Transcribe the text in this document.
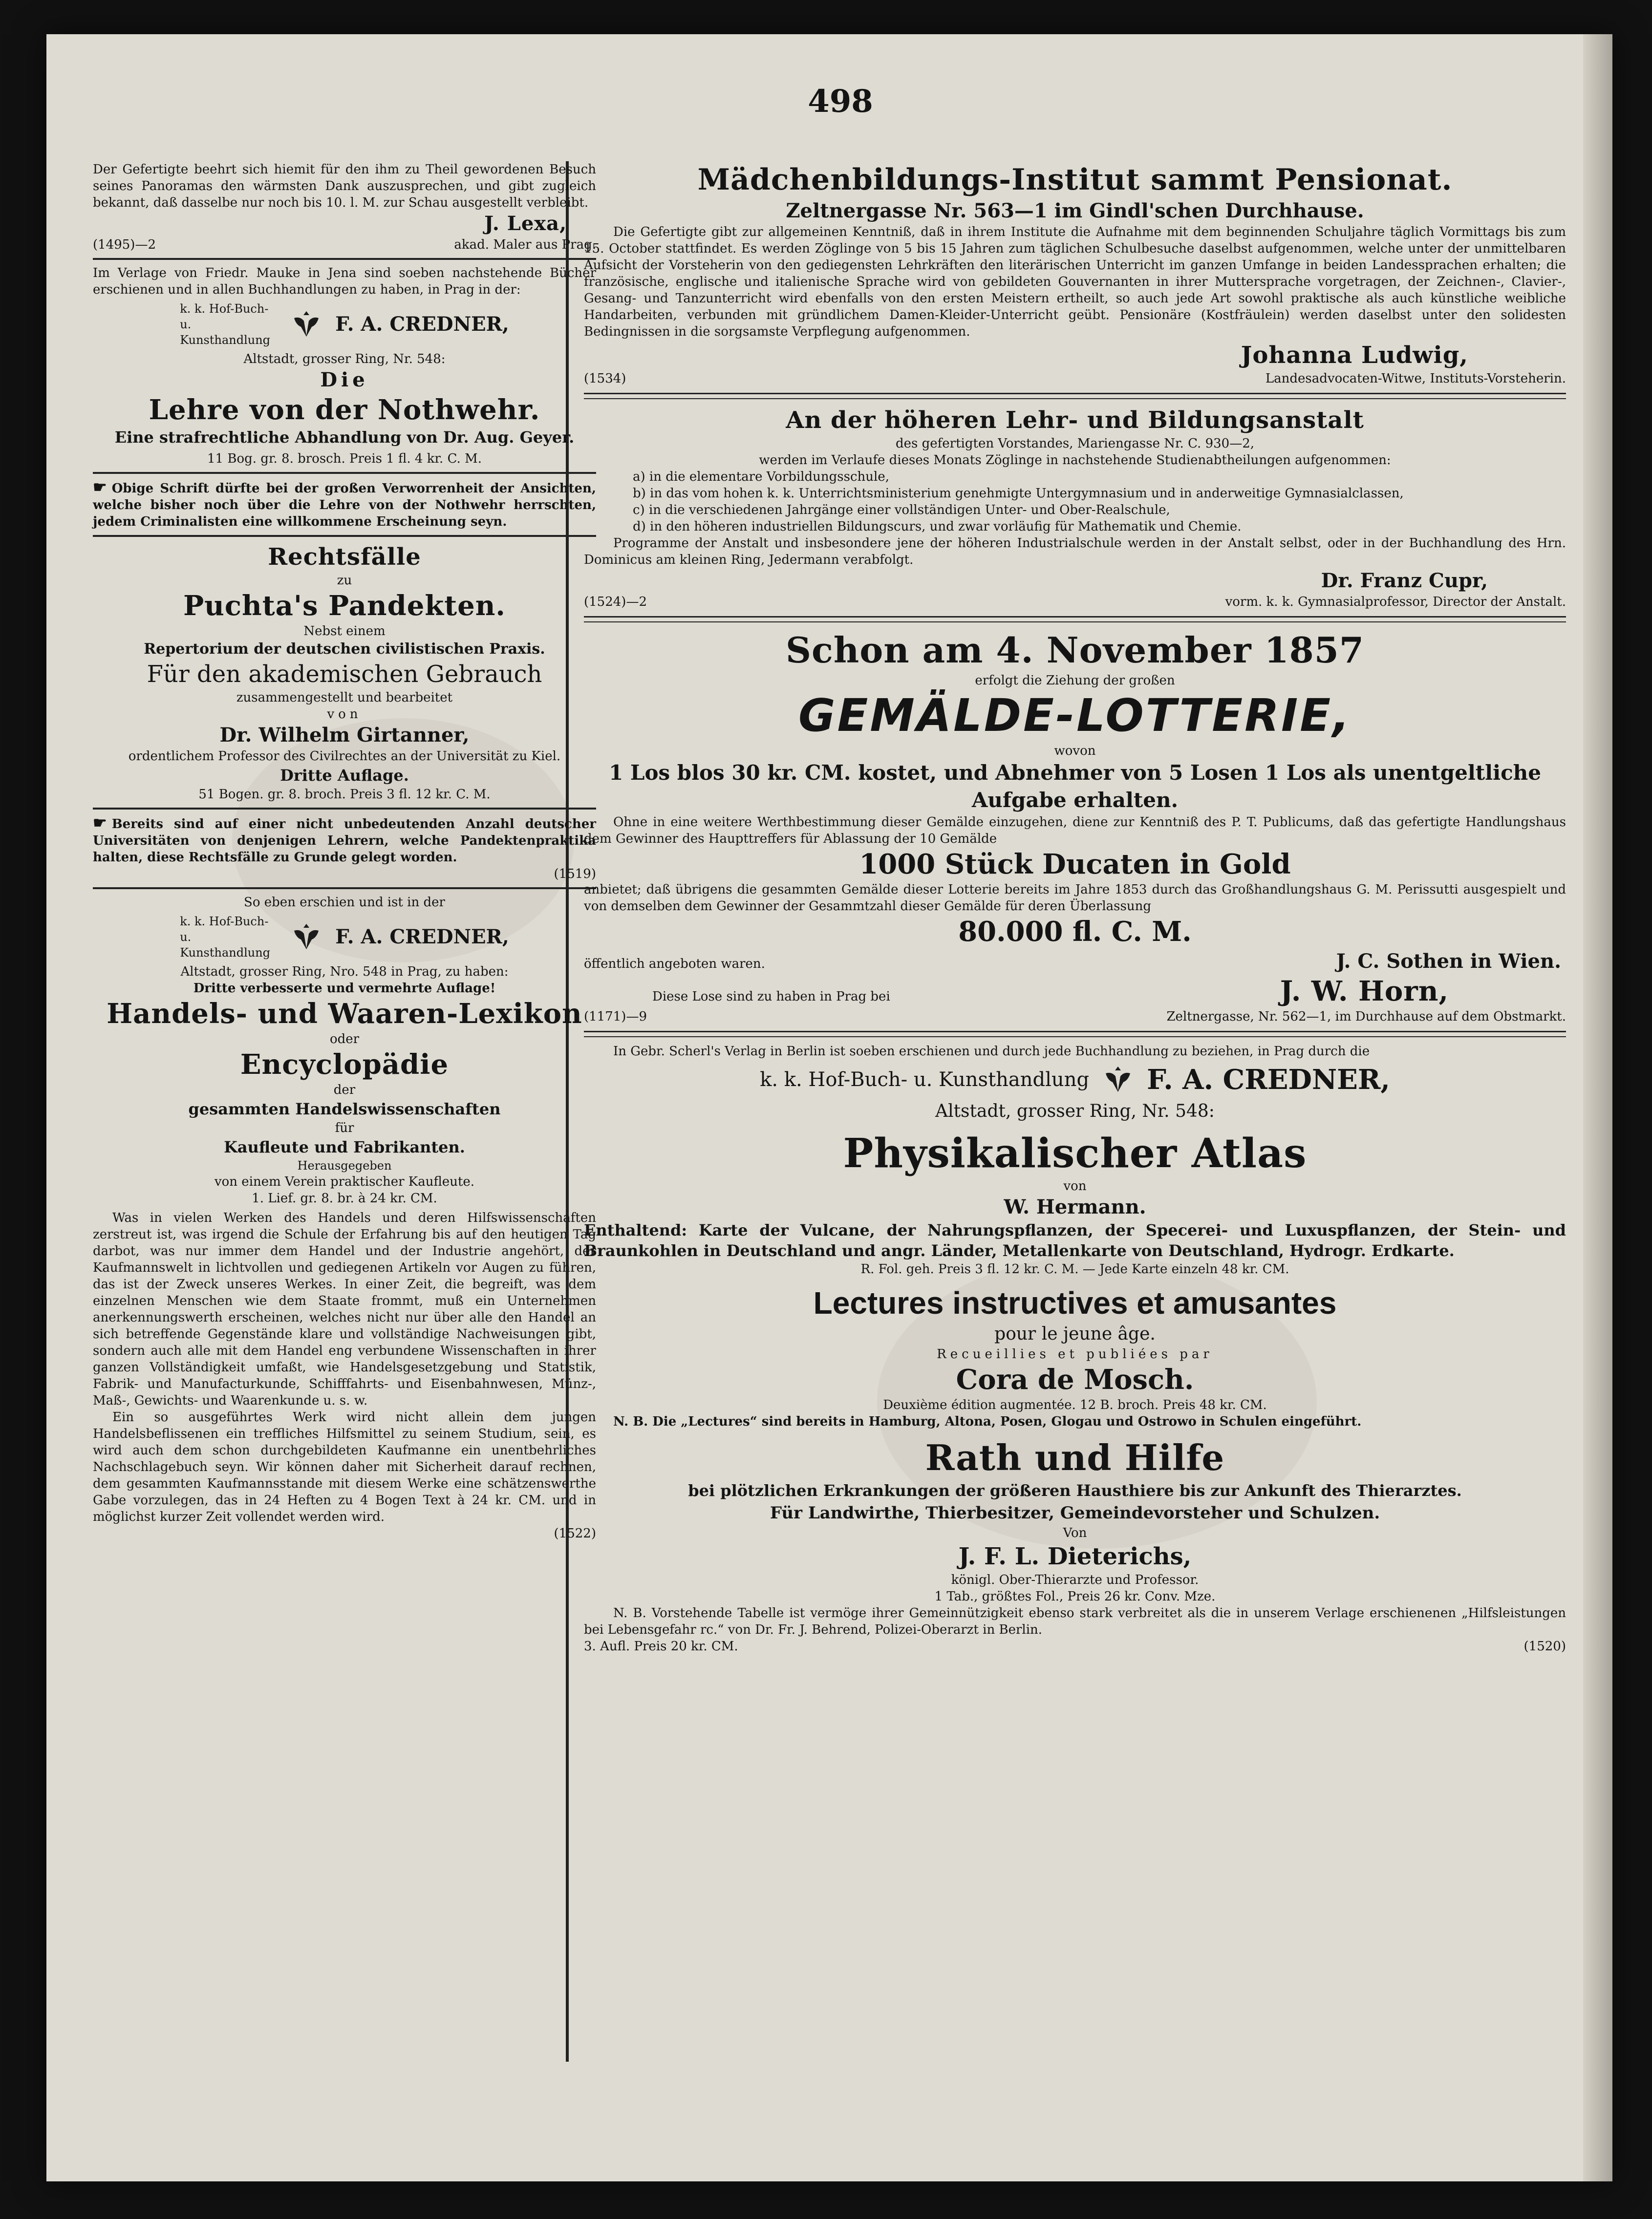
498

Der Gefertigte beehrt sich hiemit für den ihm zu Theil gewordenen Besuch seines Panoramas den wärmsten Dank auszusprechen, und gibt zugleich bekannt, daß dasselbe nur noch bis 10. l. M. zur Schau ausgestellt verbleibt.

J. Lexa,

(1495)—2	akad. Maler aus Prag.

Im Verlage von Friedr. Mauke in Jena sind soeben nachstehende Bücher erschienen und in allen Buchhandlungen zu haben, in Prag in der:

k. k. Hof-Buch- u. Kunsthandlung
F. A. CREDNER,

Altstadt, grosser Ring, Nr. 548:

Die

Lehre von der Nothwehr.

Eine strafrechtliche Abhandlung von Dr. Aug. Geyer.

11 Bog. gr. 8. brosch. Preis 1 fl. 4 kr. C. M.

☛ Obige Schrift dürfte bei der großen Verworrenheit der Ansichten, welche bisher noch über die Lehre von der Nothwehr herrschten, jedem Criminalisten eine willkommene Erscheinung seyn.

Rechtsfälle

zu

Puchta's Pandekten.

Nebst einem

Repertorium der deutschen civilistischen Praxis.

Für den akademischen Gebrauch

zusammengestellt und bearbeitet

von

Dr. Wilhelm Girtanner,

ordentlichem Professor des Civilrechtes an der Universität zu Kiel.

Dritte Auflage.

51 Bogen. gr. 8. broch. Preis 3 fl. 12 kr. C. M.

☛ Bereits sind auf einer nicht unbedeutenden Anzahl deutscher Universitäten von denjenigen Lehrern, welche Pandektenpraktika halten, diese Rechtsfälle zu Grunde gelegt worden.

(1519)

So eben erschien und ist in der

k. k. Hof-Buch- u. Kunsthandlung
F. A. CREDNER,

Altstadt, grosser Ring, Nro. 548 in Prag, zu haben:

Dritte verbesserte und vermehrte Auflage!

Handels- und Waaren-Lexikon

oder

Encyclopädie

der

gesammten Handelswissenschaften

für

Kaufleute und Fabrikanten.

Herausgegeben

von einem Verein praktischer Kaufleute.

1. Lief. gr. 8. br. à 24 kr. CM.

Was in vielen Werken des Handels und deren Hilfswissenschaften zerstreut ist, was irgend die Schule der Erfahrung bis auf den heutigen Tag darbot, was nur immer dem Handel und der Industrie angehört, der Kaufmannswelt in lichtvollen und gediegenen Artikeln vor Augen zu führen, das ist der Zweck unseres Werkes. In einer Zeit, die begreift, was dem einzelnen Menschen wie dem Staate frommt, muß ein Unternehmen anerkennungswerth erscheinen, welches nicht nur über alle den Handel an sich betreffende Gegenstände klare und vollständige Nachweisungen gibt, sondern auch alle mit dem Handel eng verbundene Wissenschaften in ihrer ganzen Vollständigkeit umfaßt, wie Handelsgesetzgebung und Statistik, Fabrik- und Manufacturkunde, Schifffahrts- und Eisenbahnwesen, Münz-, Maß-, Gewichts- und Waarenkunde u. s. w.

Ein so ausgeführtes Werk wird nicht allein dem jungen Handelsbeflissenen ein treffliches Hilfsmittel zu seinem Studium, sein, es wird auch dem schon durchgebildeten Kaufmanne ein unentbehrliches Nachschlagebuch seyn. Wir können daher mit Sicherheit darauf rechnen, dem gesammten Kaufmannsstande mit diesem Werke eine schätzenswerthe Gabe vorzulegen, das in 24 Heften zu 4 Bogen Text à 24 kr. CM. und in möglichst kurzer Zeit vollendet werden wird.

(1522)

Mädchenbildungs-Institut sammt Pensionat.

Zeltnergasse Nr. 563—1 im Gindl'schen Durchhause.

Die Gefertigte gibt zur allgemeinen Kenntniß, daß in ihrem Institute die Aufnahme mit dem beginnenden Schuljahre täglich Vormittags bis zum 15. October stattfindet. Es werden Zöglinge von 5 bis 15 Jahren zum täglichen Schulbesuche daselbst aufgenommen, welche unter der unmittelbaren Aufsicht der Vorsteherin von den gediegensten Lehrkräften den literärischen Unterricht im ganzen Umfange in beiden Landessprachen erhalten; die französische, englische und italienische Sprache wird von gebildeten Gouvernanten in ihrer Muttersprache vorgetragen, der Zeichnen-, Clavier-, Gesang- und Tanzunterricht wird ebenfalls von den ersten Meistern ertheilt, so auch jede Art sowohl praktische als auch künstliche weibliche Handarbeiten, verbunden mit gründlichem Damen-Kleider-Unterricht geübt. Pensionäre (Kostfräulein) werden daselbst unter den solidesten Bedingnissen in die sorgsamste Verpflegung aufgenommen.

Johanna Ludwig,

(1534)	Landesadvocaten-Witwe, Instituts-Vorsteherin.

An der höheren Lehr- und Bildungsanstalt

des gefertigten Vorstandes, Mariengasse Nr. C. 930—2,

werden im Verlaufe dieses Monats Zöglinge in nachstehende Studienabtheilungen aufgenommen:

a) in die elementare Vorbildungsschule,

b) in das vom hohen k. k. Unterrichtsministerium genehmigte Untergymnasium und in anderweitige Gymnasialclassen,

c) in die verschiedenen Jahrgänge einer vollständigen Unter- und Ober-Realschule,

d) in den höheren industriellen Bildungscurs, und zwar vorläufig für Mathematik und Chemie.

Programme der Anstalt und insbesondere jene der höheren Industrialschule werden in der Anstalt selbst, oder in der Buchhandlung des Hrn. Dominicus am kleinen Ring, Jedermann verabfolgt.

Dr. Franz Cupr,

(1524)—2	vorm. k. k. Gymnasialprofessor, Director der Anstalt.

Schon am 4. November 1857

erfolgt die Ziehung der großen

GEMÄLDE-LOTTERIE,

wovon

1 Los blos 30 kr. CM. kostet, und Abnehmer von 5 Losen 1 Los als unentgeltliche Aufgabe erhalten.

Ohne in eine weitere Werthbestimmung dieser Gemälde einzugehen, diene zur Kenntniß des P. T. Publicums, daß das gefertigte Handlungshaus dem Gewinner des Haupttreffers für Ablassung der 10 Gemälde

1000 Stück Ducaten in Gold

anbietet; daß übrigens die gesammten Gemälde dieser Lotterie bereits im Jahre 1853 durch das Großhandlungshaus G. M. Perissutti ausgespielt und von demselben dem Gewinner der Gesammtzahl dieser Gemälde für deren Überlassung

80.000 fl. C. M.

öffentlich angeboten waren.	J. C. Sothen in Wien.
Diese Lose sind zu haben in Prag bei	J. W. Horn,
(1171)—9	Zeltnergasse, Nr. 562—1, im Durchhause auf dem Obstmarkt.

In Gebr. Scherl's Verlag in Berlin ist soeben erschienen und durch jede Buchhandlung zu beziehen, in Prag durch die

k. k. Hof-Buch- u. Kunsthandlung F. A. CREDNER,

Altstadt, grosser Ring, Nr. 548:

Physikalischer Atlas

von

W. Hermann.

Enthaltend: Karte der Vulcane, der Nahrungspflanzen, der Specerei- und Luxuspflanzen, der Stein- und Braunkohlen in Deutschland und angr. Länder, Metallenkarte von Deutschland, Hydrogr. Erdkarte.

R. Fol. geh. Preis 3 fl. 12 kr. C. M. — Jede Karte einzeln 48 kr. CM.

Lectures instructives et amusantes

pour le jeune âge.

Recueillies et publiées par

Cora de Mosch.

Deuxième édition augmentée. 12 B. broch. Preis 48 kr. CM.

N. B. Die „Lectures“ sind bereits in Hamburg, Altona, Posen, Glogau und Ostrowo in Schulen eingeführt.

Rath und Hilfe

bei plötzlichen Erkrankungen der größeren Hausthiere bis zur Ankunft des Thierarztes.

Für Landwirthe, Thierbesitzer, Gemeindevorsteher und Schulzen.

Von

J. F. L. Dieterichs,

königl. Ober-Thierarzte und Professor.

1 Tab., größtes Fol., Preis 26 kr. Conv. Mze.

N. B. Vorstehende Tabelle ist vermöge ihrer Gemeinnützigkeit ebenso stark verbreitet als die in unserem Verlage erschienenen „Hilfsleistungen bei Lebensgefahr rc.“ von Dr. Fr. J. Behrend, Polizei-Oberarzt in Berlin.

3. Aufl. Preis 20 kr. CM.	(1520)
